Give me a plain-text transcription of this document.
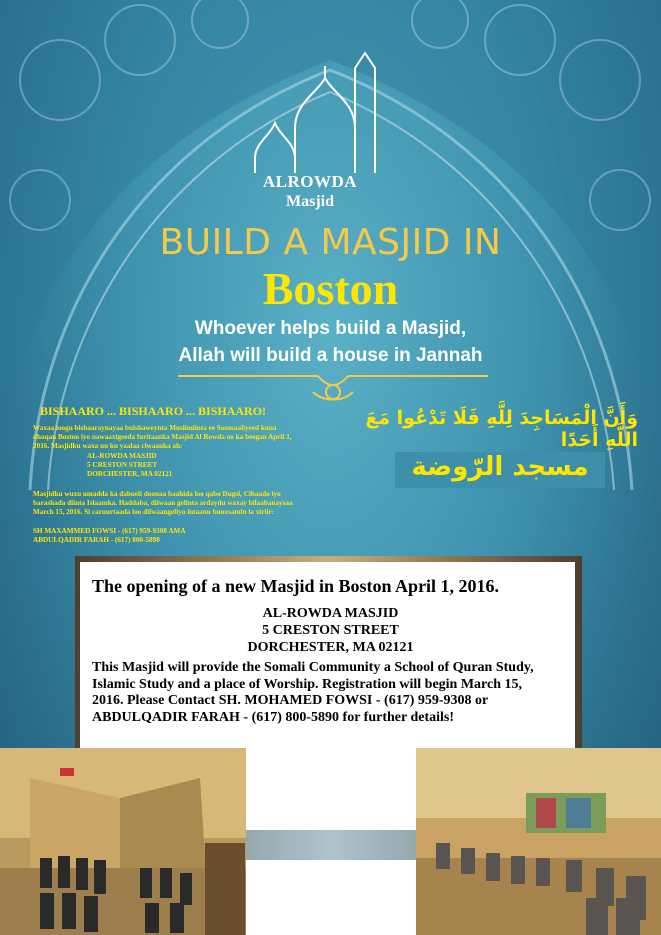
ALROWDA
Masjid
BUILD A MASJID IN
Boston
Whoever helps build a Masjid,
Allah will build a house in Jannah
BISHAARO ... BISHAARO ... BISHAARO!
Waxaa loogu bishaaraynayaa bulshaweynta Muslimiinta ee Soomaaliyeed kuna
dhaqan Boston iyo nawaaxigeeda furitaanka Masjid Al Rowda oo ka beegan April 1,
2016. Masjidku waxa uu ku yaalaa ciwaanka ah:
AL-ROWDA MASJID
5 CRESTON STREET
DORCHESTER, MA 02121
Masjidku wuxu umadda ka dabooli doonaa baahida loo qabo Dugsi, Cibaado iyo
barashada diinta Islaamka. Haddaba, diiwaan gelinta ardaydu waxay bilaabanaysaa
March 15, 2016. Si caruurtaada loo diiwaangeliyo intaanu buuxsamin la xiriir:
SH MAXAMMED FOWSI - (617) 959-9308 AMA
ABDULQADIR FARAH - (617) 800-5890
وَأَنَّ الْمَسَاجِدَ لِلَّهِ فَلَا تَدْعُوا مَعَ اللَّهِ أَحَدًا
مسجد الرّوضة
The opening of a new Masjid in Boston April 1, 2016.
AL-ROWDA MASJID
5 CRESTON STREET
DORCHESTER, MA 02121
This Masjid will provide the Somali Community a School of Quran Study,
Islamic Study and a place of Worship. Registration will begin March 15,
2016. Please Contact SH. MOHAMED FOWSI - (617) 959-9308 or
ABDULQADIR FARAH - (617) 800-5890 for further details!
